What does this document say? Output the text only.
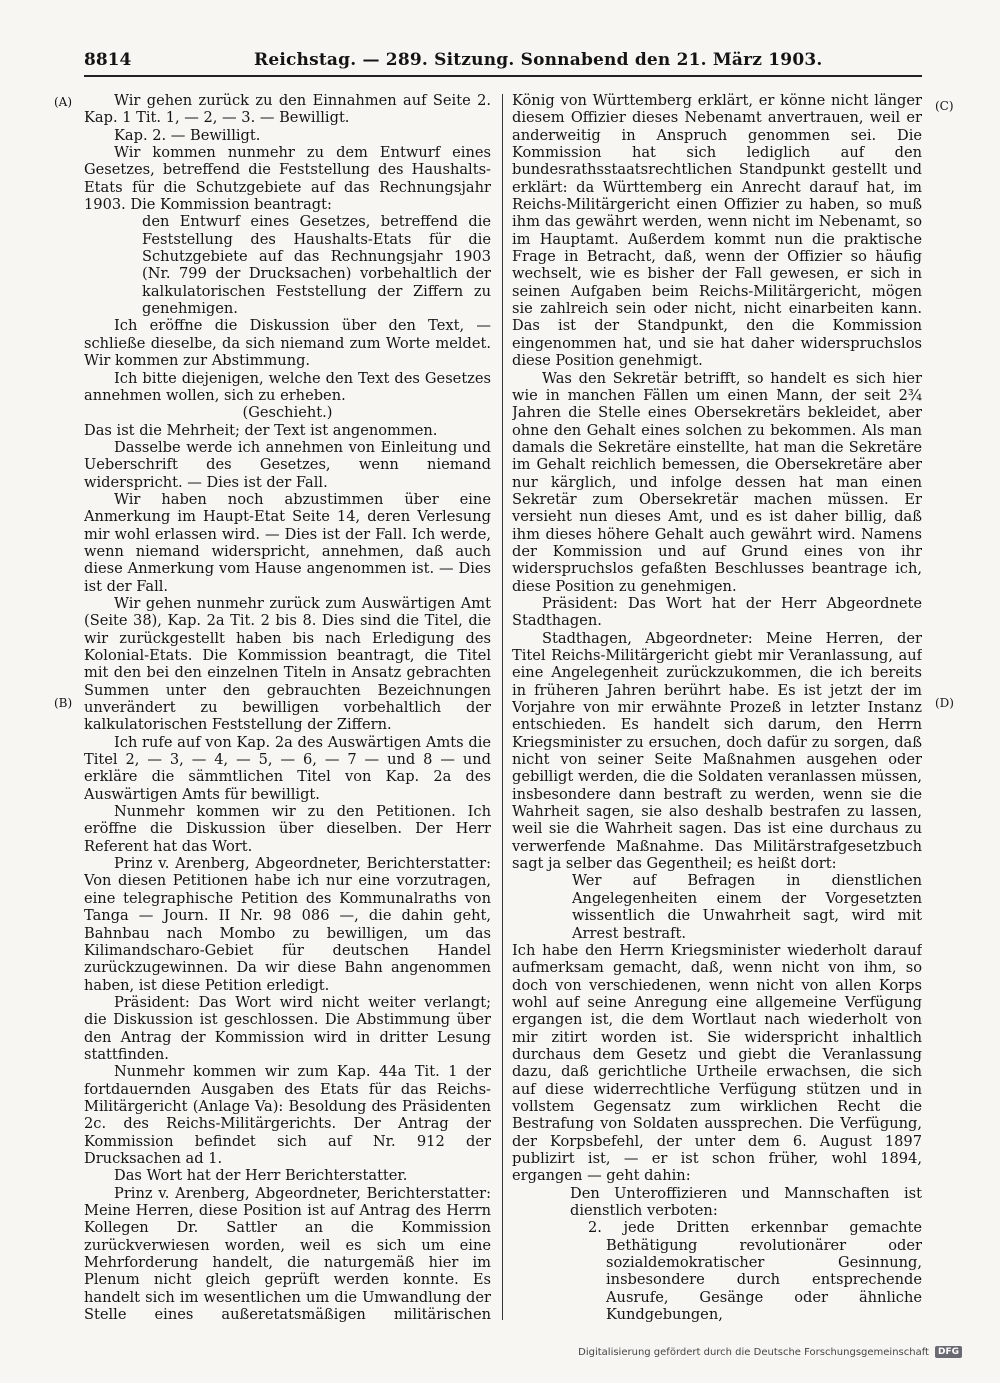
8814	Reichstag. — 289. Sitzung. Sonnabend den 21. März 1903.
(A)
(B)
(C)
(D)

Wir gehen zurück zu den Einnahmen auf Seite 2. Kap. 1 Tit. 1, — 2, — 3. — Bewilligt.

Kap. 2. — Bewilligt.

Wir kommen nunmehr zu dem Entwurf eines Gesetzes, betreffend die Feststellung des Haushalts-Etats für die Schutzgebiete auf das Rechnungsjahr 1903. Die Kommission beantragt:

den Entwurf eines Gesetzes, betreffend die Feststellung des Haushalts-Etats für die Schutzgebiete auf das Rechnungsjahr 1903 (Nr. 799 der Drucksachen) vorbehaltlich der kalkulatorischen Feststellung der Ziffern zu genehmigen.

Ich eröffne die Diskussion über den Text, — schließe dieselbe, da sich niemand zum Worte meldet. Wir kommen zur Abstimmung.

Ich bitte diejenigen, welche den Text des Gesetzes annehmen wollen, sich zu erheben.

(Geschieht.)

Das ist die Mehrheit; der Text ist angenommen.

Dasselbe werde ich annehmen von Einleitung und Ueberschrift des Gesetzes, wenn niemand widerspricht. — Dies ist der Fall.

Wir haben noch abzustimmen über eine Anmerkung im Haupt-Etat Seite 14, deren Verlesung mir wohl erlassen wird. — Dies ist der Fall. Ich werde, wenn niemand widerspricht, annehmen, daß auch diese Anmerkung vom Hause angenommen ist. — Dies ist der Fall.

Wir gehen nunmehr zurück zum Auswärtigen Amt (Seite 38), Kap. 2a Tit. 2 bis 8. Dies sind die Titel, die wir zurückgestellt haben bis nach Erledigung des Kolonial-Etats. Die Kommission beantragt, die Titel mit den bei den einzelnen Titeln in Ansatz gebrachten Summen unter den gebrauchten Bezeichnungen unverändert zu bewilligen vorbehaltlich der kalkulatorischen Feststellung der Ziffern.

Ich rufe auf von Kap. 2a des Auswärtigen Amts die Titel 2, — 3, — 4, — 5, — 6, — 7 — und 8 — und erkläre die sämmtlichen Titel von Kap. 2a des Auswärtigen Amts für bewilligt.

Nunmehr kommen wir zu den Petitionen. Ich eröffne die Diskussion über dieselben. Der Herr Referent hat das Wort.

Prinz v. Arenberg, Abgeordneter, Berichterstatter: Von diesen Petitionen habe ich nur eine vorzutragen, eine telegraphische Petition des Kommunalraths von Tanga — Journ. II Nr. 98 086 —, die dahin geht, Bahnbau nach Mombo zu bewilligen, um das Kilimandscharo-Gebiet für deutschen Handel zurückzugewinnen. Da wir diese Bahn angenommen haben, ist diese Petition erledigt.

Präsident: Das Wort wird nicht weiter verlangt; die Diskussion ist geschlossen. Die Abstimmung über den Antrag der Kommission wird in dritter Lesung stattfinden.

Nunmehr kommen wir zum Kap. 44a Tit. 1 der fortdauernden Ausgaben des Etats für das Reichs-Militärgericht (Anlage Va): Besoldung des Präsidenten 2c. des Reichs-Militärgerichts. Der Antrag der Kommission befindet sich auf Nr. 912 der Drucksachen ad 1.

Das Wort hat der Herr Berichterstatter.

Prinz v. Arenberg, Abgeordneter, Berichterstatter: Meine Herren, diese Position ist auf Antrag des Herrn Kollegen Dr. Sattler an die Kommission zurückverwiesen worden, weil es sich um eine Mehrforderung handelt, die naturgemäß hier im Plenum nicht gleich geprüft werden konnte. Es handelt sich im wesentlichen um die Umwandlung der Stelle eines außeretatsmäßigen militärischen

König von Württemberg erklärt, er könne nicht länger diesem Offizier dieses Nebenamt anvertrauen, weil er anderweitig in Anspruch genommen sei. Die Kommission hat sich lediglich auf den bundesrathsstaatsrechtlichen Standpunkt gestellt und erklärt: da Württemberg ein Anrecht darauf hat, im Reichs-Militärgericht einen Offizier zu haben, so muß ihm das gewährt werden, wenn nicht im Nebenamt, so im Hauptamt. Außerdem kommt nun die praktische Frage in Betracht, daß, wenn der Offizier so häufig wechselt, wie es bisher der Fall gewesen, er sich in seinen Aufgaben beim Reichs-Militärgericht, mögen sie zahlreich sein oder nicht, nicht einarbeiten kann. Das ist der Standpunkt, den die Kommission eingenommen hat, und sie hat daher widerspruchslos diese Position genehmigt.

Was den Sekretär betrifft, so handelt es sich hier wie in manchen Fällen um einen Mann, der seit 2¾ Jahren die Stelle eines Obersekretärs bekleidet, aber ohne den Gehalt eines solchen zu bekommen. Als man damals die Sekretäre einstellte, hat man die Sekretäre im Gehalt reichlich bemessen, die Obersekretäre aber nur kärglich, und infolge dessen hat man einen Sekretär zum Obersekretär machen müssen. Er versieht nun dieses Amt, und es ist daher billig, daß ihm dieses höhere Gehalt auch gewährt wird. Namens der Kommission und auf Grund eines von ihr widerspruchslos gefaßten Beschlusses beantrage ich, diese Position zu genehmigen.

Präsident: Das Wort hat der Herr Abgeordnete Stadthagen.

Stadthagen, Abgeordneter: Meine Herren, der Titel Reichs-Militärgericht giebt mir Veranlassung, auf eine Angelegenheit zurückzukommen, die ich bereits in früheren Jahren berührt habe. Es ist jetzt der im Vorjahre von mir erwähnte Prozeß in letzter Instanz entschieden. Es handelt sich darum, den Herrn Kriegsminister zu ersuchen, doch dafür zu sorgen, daß nicht von seiner Seite Maßnahmen ausgehen oder gebilligt werden, die die Soldaten veranlassen müssen, insbesondere dann bestraft zu werden, wenn sie die Wahrheit sagen, sie also deshalb bestrafen zu lassen, weil sie die Wahrheit sagen. Das ist eine durchaus zu verwerfende Maßnahme. Das Militärstrafgesetzbuch sagt ja selber das Gegentheil; es heißt dort:

Wer auf Befragen in dienstlichen Angelegenheiten einem der Vorgesetzten wissentlich die Unwahrheit sagt, wird mit Arrest bestraft.

Ich habe den Herrn Kriegsminister wiederholt darauf aufmerksam gemacht, daß, wenn nicht von ihm, so doch von verschiedenen, wenn nicht von allen Korps wohl auf seine Anregung eine allgemeine Verfügung ergangen ist, die dem Wortlaut nach wiederholt von mir zitirt worden ist. Sie widerspricht inhaltlich durchaus dem Gesetz und giebt die Veranlassung dazu, daß gerichtliche Urtheile erwachsen, die sich auf diese widerrechtliche Verfügung stützen und in vollstem Gegensatz zum wirklichen Recht die Bestrafung von Soldaten aussprechen. Die Verfügung, der Korpsbefehl, der unter dem 6. August 1897 publizirt ist, — er ist schon früher, wohl 1894, ergangen — geht dahin:

Den Unteroffizieren und Mannschaften ist dienstlich verboten:

2. jede Dritten erkennbar gemachte Bethätigung revolutionärer oder sozialdemokratischer Gesinnung, insbesondere durch entsprechende Ausrufe, Gesänge oder ähnliche Kundgebungen,

Digitalisierung gefördert durch die Deutsche Forschungsgemeinschaft	DFG
